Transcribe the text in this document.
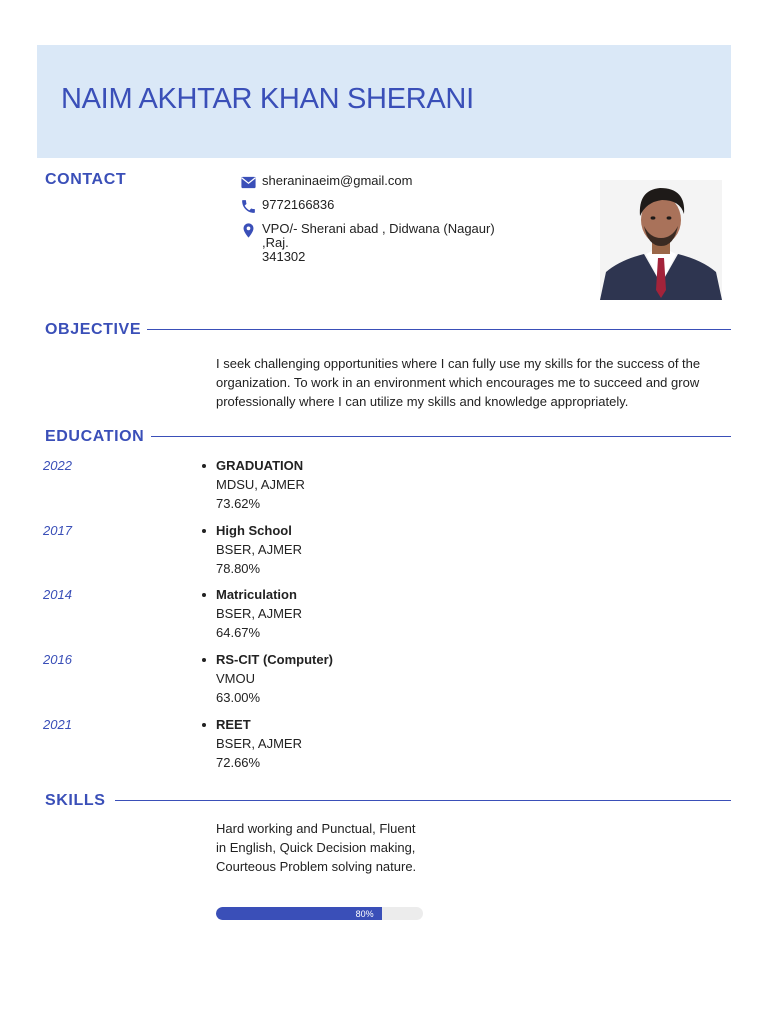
NAIM AKHTAR KHAN SHERANI
CONTACT	sheraninaeim@gmail.com
9772166836
VPO/- Sherani abad , Didwana (Nagaur)
,Raj.
341302
OBJECTIVE

I seek challenging opportunities where I can fully use my skills for the success of the organization. To work in an environment which encourages me to succeed and grow professionally where I can utilize my skills and knowledge appropriately.

EDUCATION
2022	GRADUATION
MDSU, AJMER
73.62%
2017	High School
BSER, AJMER
78.80%
2014	Matriculation
BSER, AJMER
64.67%
2016	RS-CIT (Computer)
VMOU
63.00%
2021	REET
BSER, AJMER
72.66%
SKILLS

Hard working and Punctual, Fluent in English, Quick Decision making, Courteous Problem solving nature.

80%
